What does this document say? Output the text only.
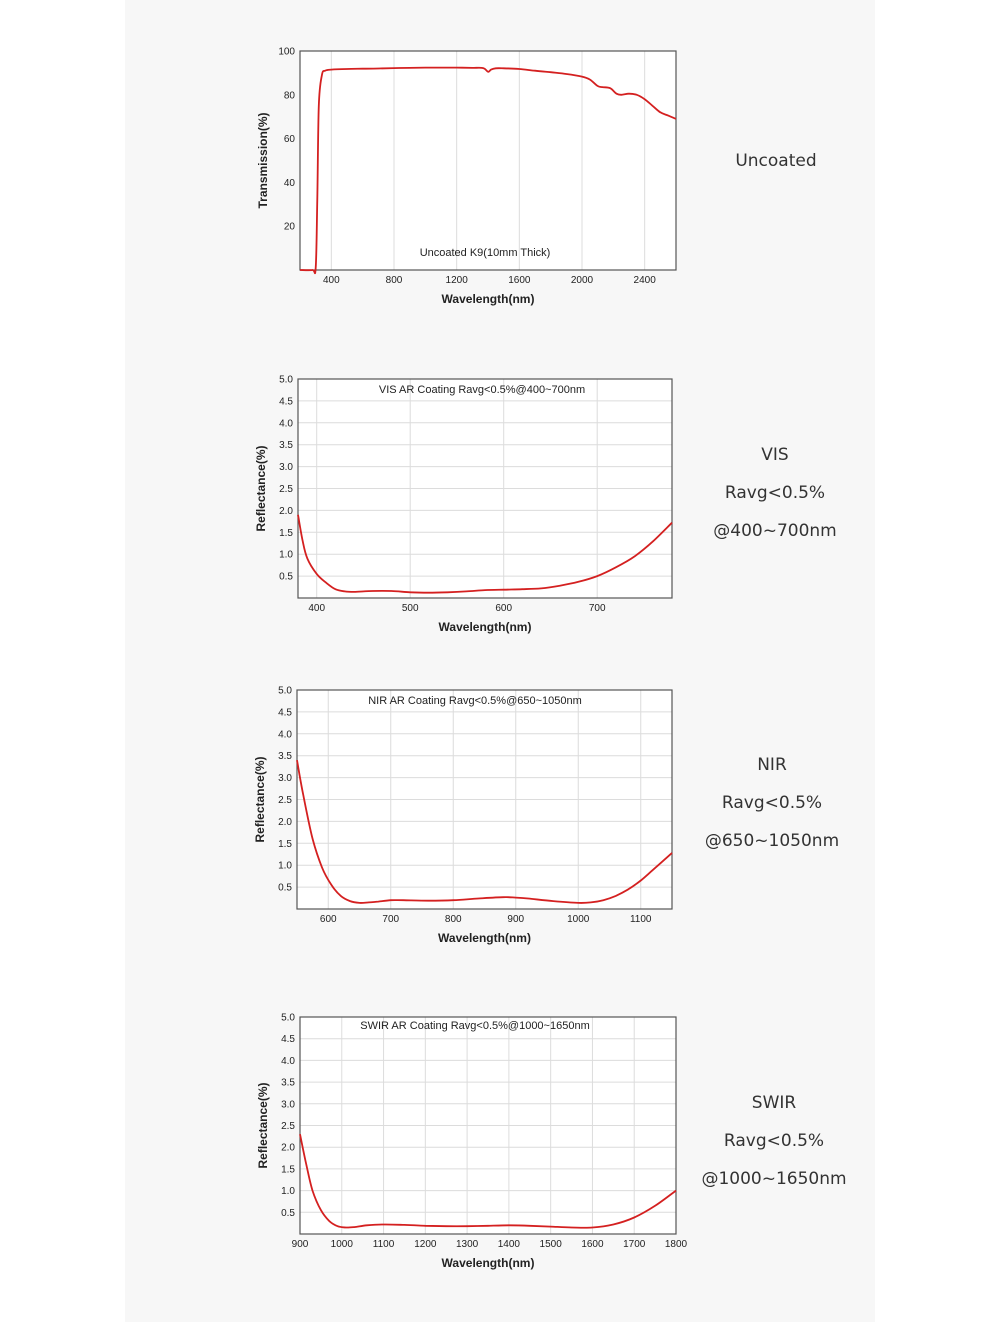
400	800	1200	1600	2000	2400
20
40
60
80
100
Wavelength(nm)
Transmission(%)
Uncoated K9(10mm Thick)
400	500	600	700
0.5
1.0
1.5
2.0
2.5
3.0
3.5
4.0
4.5
5.0
Wavelength(nm)
Reflectance(%)
VIS AR Coating Ravg<0.5%@400~700nm
600	700	800	900	1000	1100
0.5
1.0
1.5
2.0
2.5
3.0
3.5
4.0
4.5
5.0
Wavelength(nm)
Reflectance(%)
NIR AR Coating Ravg<0.5%@650~1050nm
900 1000 1100 1200 1300 1400 1500 1600 1700 1800
0.5
1.0
1.5
2.0
2.5
3.0
3.5
4.0
4.5
5.0
Wavelength(nm)
Reflectance(%)
SWIR AR Coating Ravg<0.5%@1000~1650nm
Uncoated
VIS
Ravg<0.5%
@400~700nm
NIR
Ravg<0.5%
@650~1050nm
SWIR
Ravg<0.5%
@1000~1650nm
